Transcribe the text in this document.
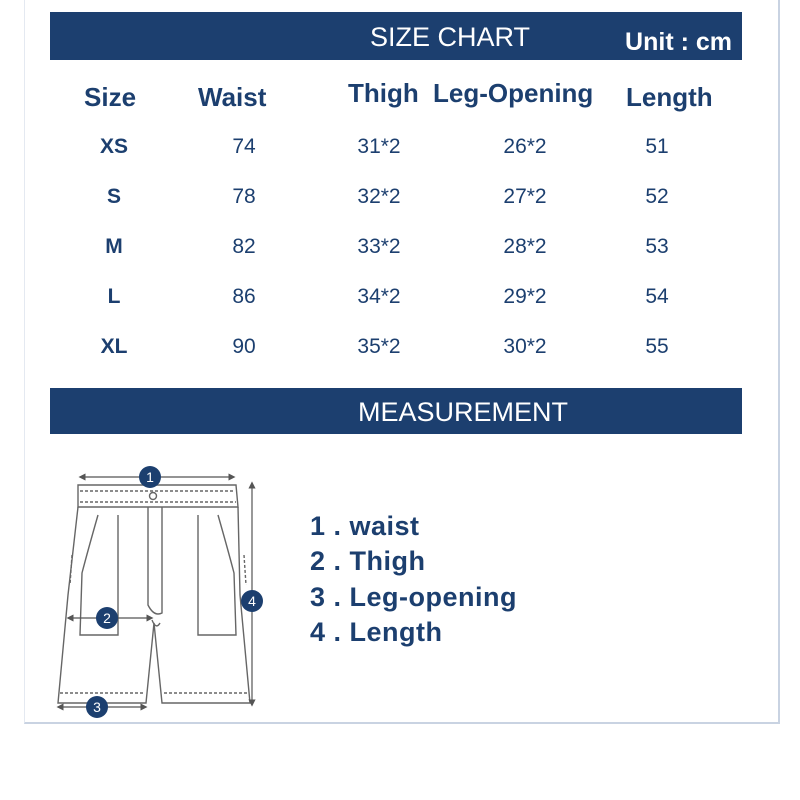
SIZE CHART	Unit : cm
Size Waist	Thigh Leg-Opening Length
XS	74	31*2	26*2	51
S	78	32*2	27*2	52
M	82	33*2	28*2	53
L	86	34*2	29*2	54
XL	90	35*2	30*2	55
MEASUREMENT
1
2
3
4
1 . waist
2 . Thigh
3 . Leg-opening
4 . Length
